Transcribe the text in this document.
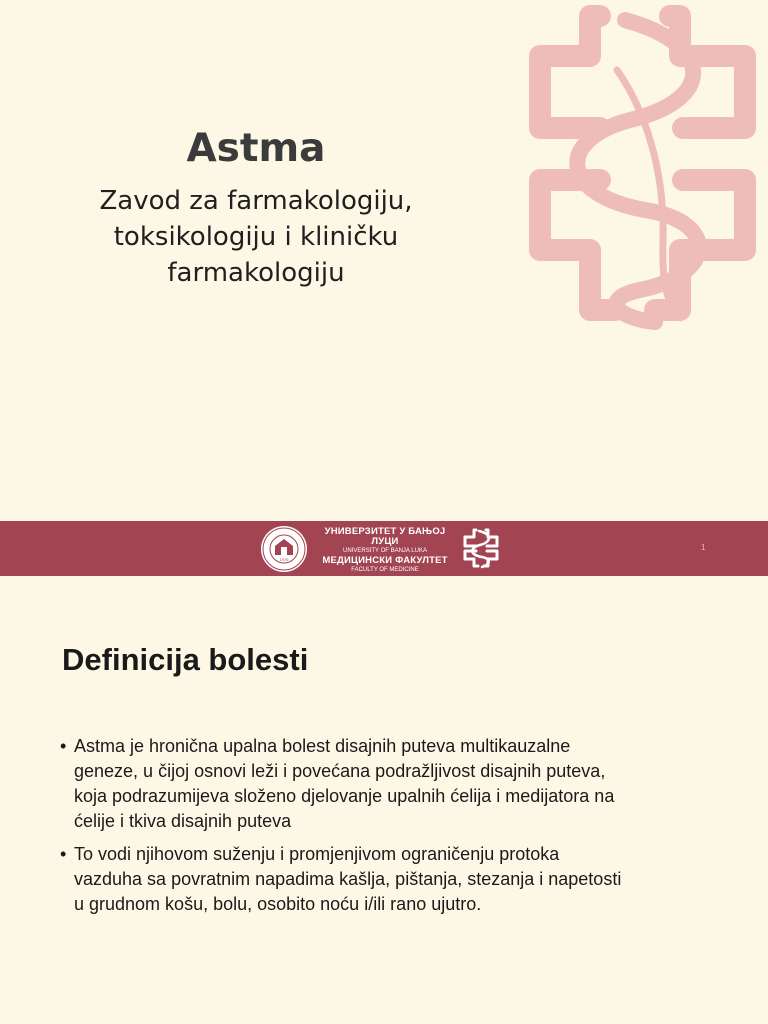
Astma
Zavod za farmakologiju,
toksikologiju i kliničku
farmakologiju
1975
УНИВЕРЗИТЕТ У БАЊОЈ ЛУЦИ
UNIVERSITY OF BANJA LUKA
МЕДИЦИНСКИ ФАКУЛТЕТ
FACULTY OF MEDICINE
1
Definicija bolesti
• Astma je hronična upalna bolest disajnih puteva multikauzalne
geneze, u čijoj osnovi leži i povećana podražljivost disajnih puteva,
koja podrazumijeva složeno djelovanje upalnih ćelija i medijatora na
ćelije i tkiva disajnih puteva
• To vodi njihovom suženju i promjenjivom ograničenju protoka
vazduha sa povratnim napadima kašlja, pištanja, stezanja i napetosti
u grudnom košu, bolu, osobito noću i/ili rano ujutro.
